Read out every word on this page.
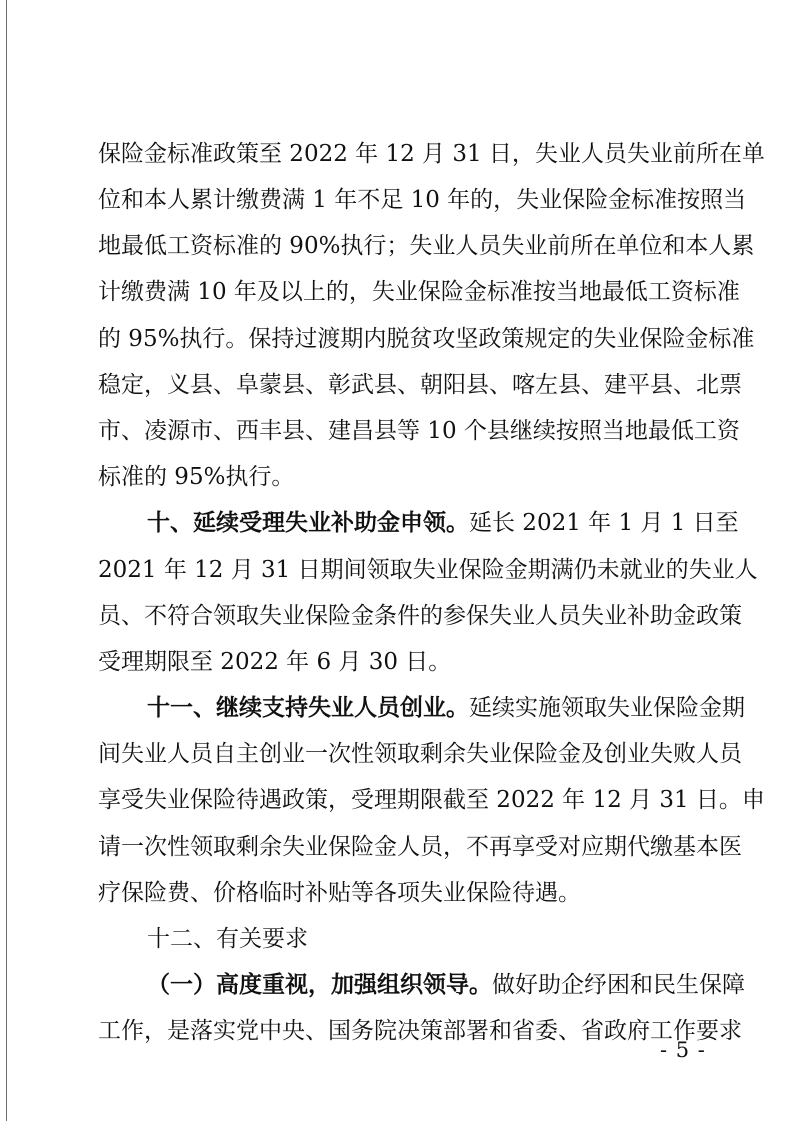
保险金标准政策至 2022 年 12 月 31 日，失业人员失业前所在单
位和本人累计缴费满 1 年不足 10 年的，失业保险金标准按照当
地最低工资标准的 90%执行；失业人员失业前所在单位和本人累
计缴费满 10 年及以上的，失业保险金标准按当地最低工资标准
的 95%执行。保持过渡期内脱贫攻坚政策规定的失业保险金标准
稳定，义县、阜蒙县、彰武县、朝阳县、喀左县、建平县、北票
市、凌源市、西丰县、建昌县等 10 个县继续按照当地最低工资
标准的 95%执行。
十、延续受理失业补助金申领。延长 2021 年 1 月 1 日至
2021 年 12 月 31 日期间领取失业保险金期满仍未就业的失业人
员、不符合领取失业保险金条件的参保失业人员失业补助金政策
受理期限至 2022 年 6 月 30 日。
十一、继续支持失业人员创业。延续实施领取失业保险金期
间失业人员自主创业一次性领取剩余失业保险金及创业失败人员
享受失业保险待遇政策，受理期限截至 2022 年 12 月 31 日。申
请一次性领取剩余失业保险金人员，不再享受对应期代缴基本医
疗保险费、价格临时补贴等各项失业保险待遇。
十二、有关要求
（一）高度重视，加强组织领导。做好助企纾困和民生保障
工作，是落实党中央、国务院决策部署和省委、省政府工作要求
- 5 -
